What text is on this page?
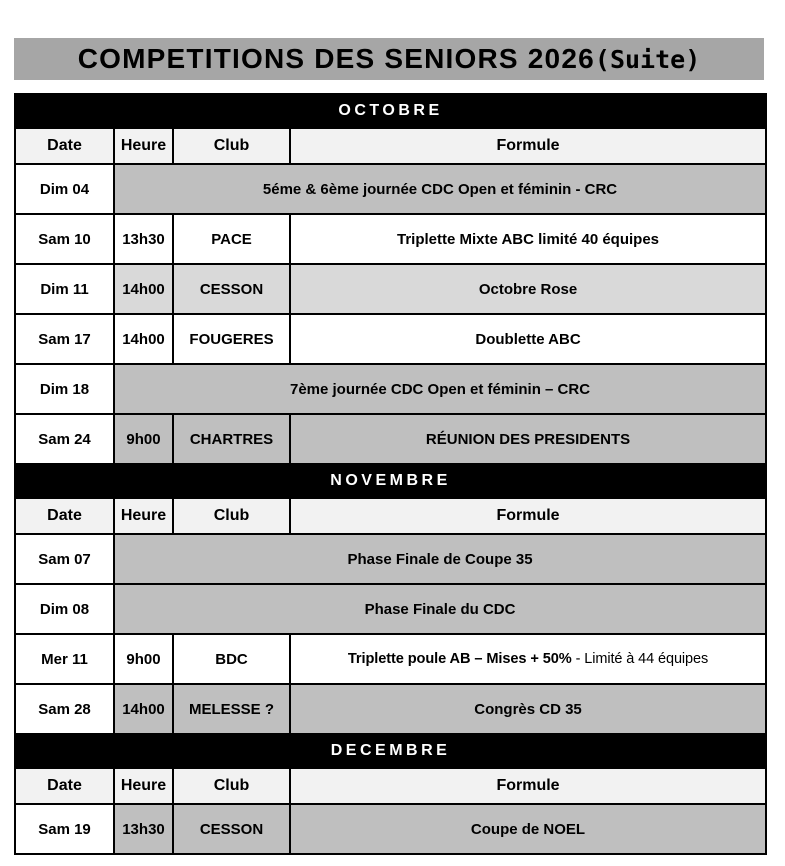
COMPETITIONS DES SENIORS 2026(Suite)
OCTOBRE			
Date	Heure	Club	Formule
Dim 04	5éme & 6ème journée CDC Open et féminin - CRC		
Sam 10	13h30	PACE	Triplette Mixte ABC limité 40 équipes
Dim 11	14h00	CESSON	Octobre Rose
Sam 17	14h00	FOUGERES	Doublette ABC
Dim 18	7ème journée CDC Open et féminin – CRC		
Sam 24	9h00	CHARTRES	RÉUNION DES PRESIDENTS
NOVEMBRE			
Date	Heure	Club	Formule
Sam 07	Phase Finale de Coupe 35		
Dim 08	Phase Finale du CDC		
Mer 11	9h00	BDC	Triplette poule AB – Mises + 50% - Limité à 44 équipes
Sam 28	14h00	MELESSE ?	Congrès CD 35
DECEMBRE			
Date	Heure	Club	Formule
Sam 19	13h30	CESSON	Coupe de NOEL
